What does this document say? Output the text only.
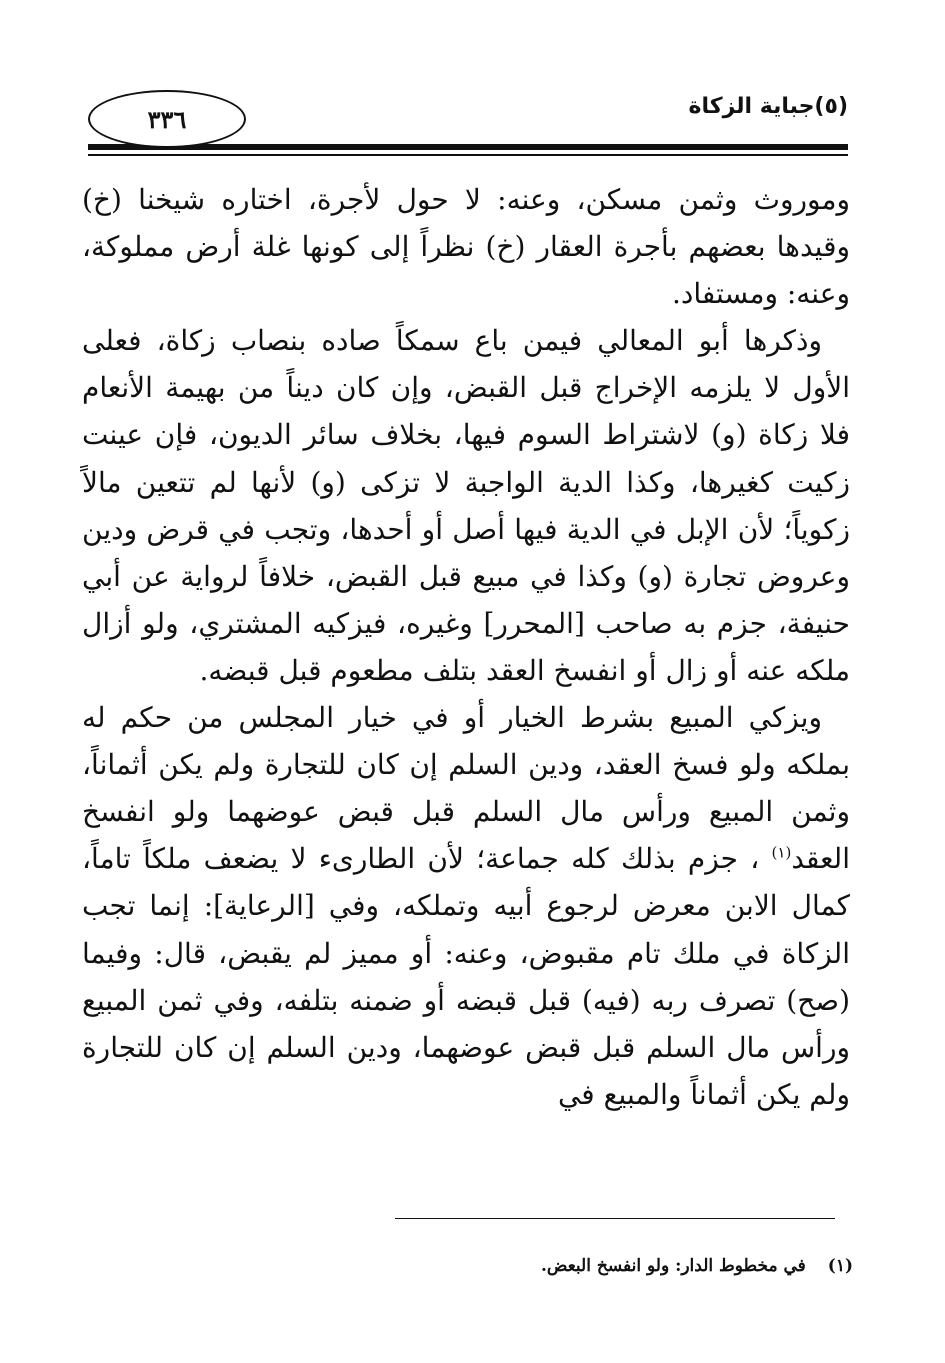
٣٣٦	(٥)جباية الزكاة

وموروث وثمن مسكن، وعنه: لا حول لأجرة، اختاره شيخنا (خ) وقيدها بعضهم بأجرة العقار (خ) نظراً إلى كونها غلة أرض مملوكة، وعنه: ومستفاد.

وذكرها أبو المعالي فيمن باع سمكاً صاده بنصاب زكاة، فعلى الأول لا يلزمه الإخراج قبل القبض، وإن كان ديناً من بهيمة الأنعام فلا زكاة (و) لاشتراط السوم فيها، بخلاف سائر الديون، فإن عينت زكيت كغيرها، وكذا الدية الواجبة لا تزكى (و) لأنها لم تتعين مالاً زكوياً؛ لأن الإبل في الدية فيها أصل أو أحدها، وتجب في قرض ودين وعروض تجارة (و) وكذا في مبيع قبل القبض، خلافاً لرواية عن أبي حنيفة، جزم به صاحب [المحرر] وغيره، فيزكيه المشتري، ولو أزال ملكه عنه أو زال أو انفسخ العقد بتلف مطعوم قبل قبضه.

ويزكي المبيع بشرط الخيار أو في خيار المجلس من حكم له بملكه ولو فسخ العقد، ودين السلم إن كان للتجارة ولم يكن أثماناً، وثمن المبيع ورأس مال السلم قبل قبض عوضهما ولو انفسخ العقد$^{(١)}$ ، جزم بذلك كله جماعة؛ لأن الطارىء لا يضعف ملكاً تاماً، كمال الابن معرض لرجوع أبيه وتملكه، وفي [الرعاية]: إنما تجب الزكاة في ملك تام مقبوض، وعنه: أو مميز لم يقبض، قال: وفيما (صح) تصرف ربه (فيه) قبل قبضه أو ضمنه بتلفه، وفي ثمن المبيع ورأس مال السلم قبل قبض عوضهما، ودين السلم إن كان للتجارة ولم يكن أثماناً والمبيع في

(١)في مخطوط الدار: ولو انفسخ البعض.
